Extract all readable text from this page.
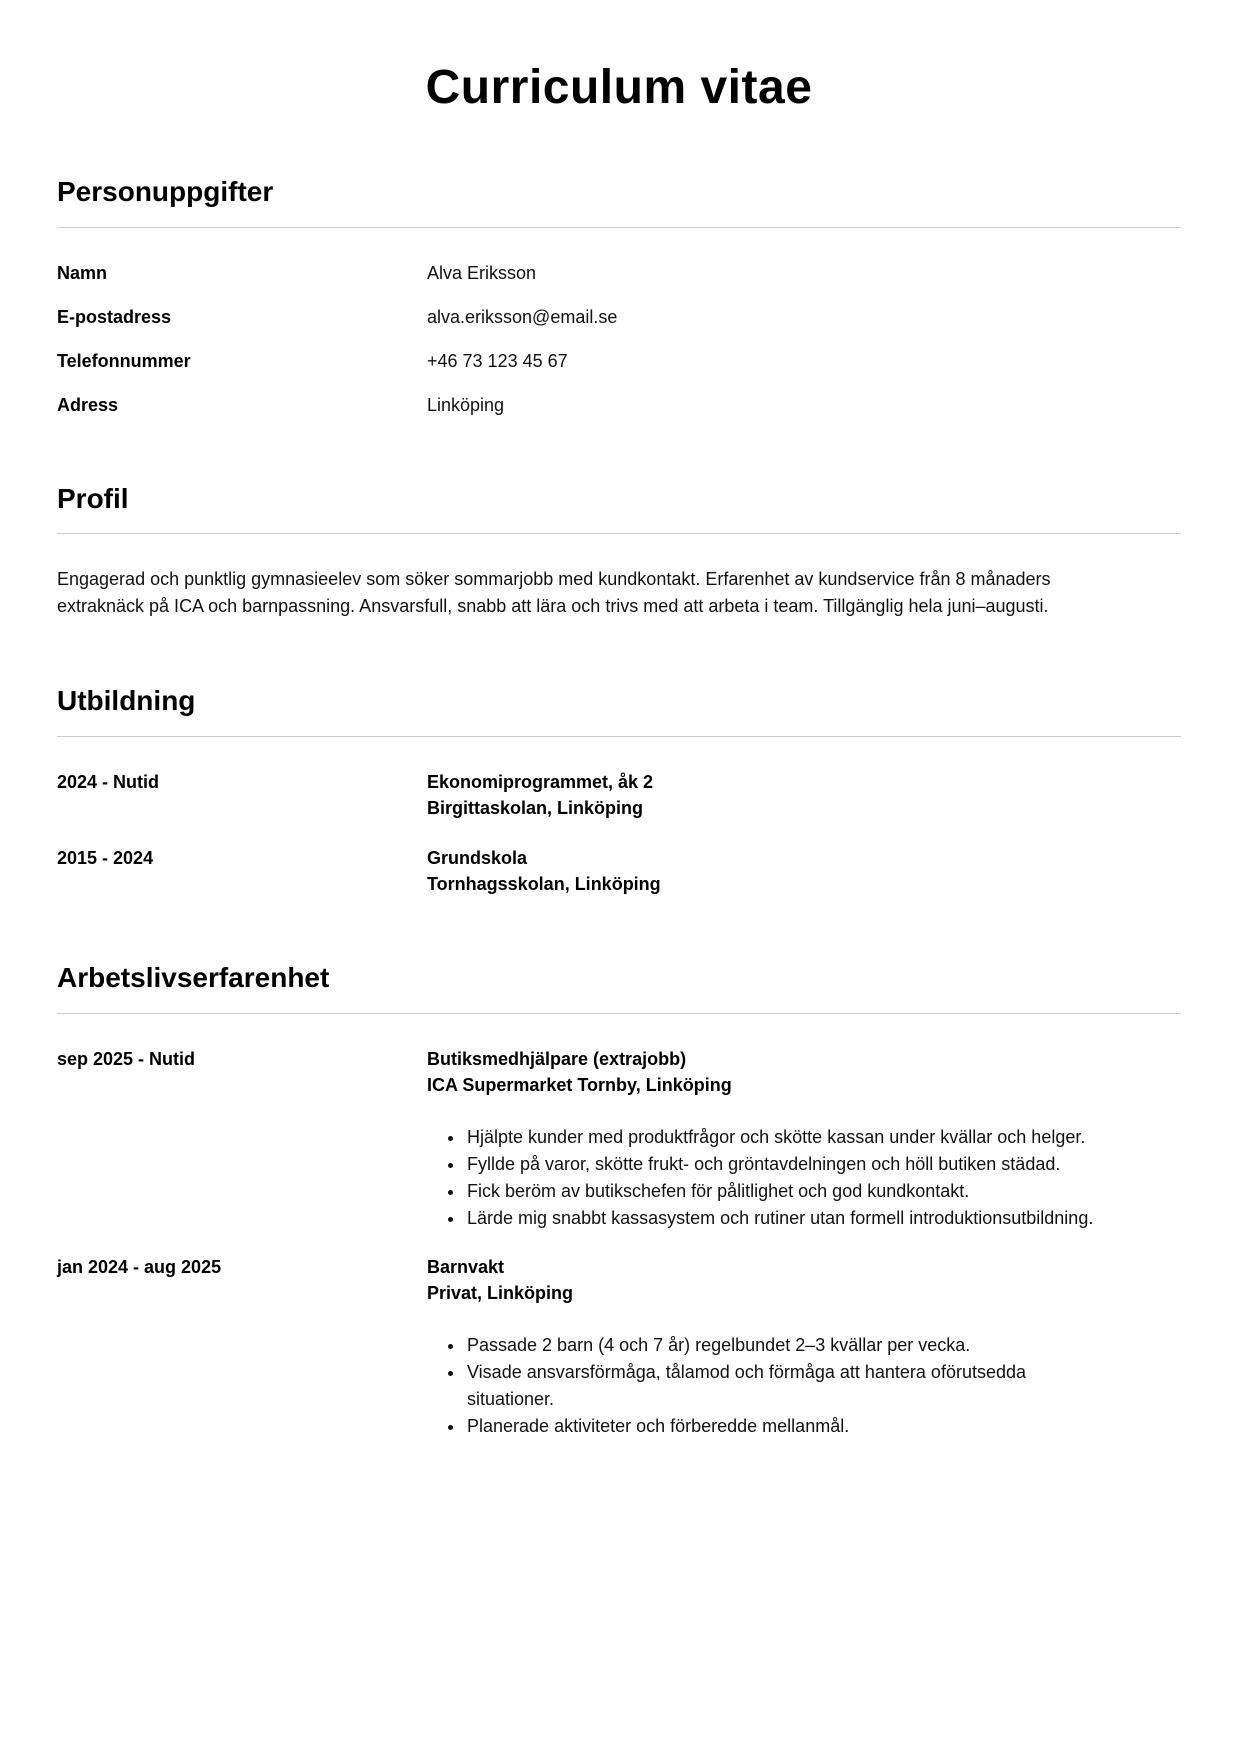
Curriculum vitae
Personuppgifter
Namn	Alva Eriksson
E-postadress	alva.eriksson@email.se
Telefonnummer	+46 73 123 45 67
Adress	Linköping
Profil

Engagerad och punktlig gymnasieelev som söker sommarjobb med kundkontakt. Erfarenhet av kundservice från 8 månaders extraknäck på ICA och barnpassning. Ansvarsfull, snabb att lära och trivs med att arbeta i team. Tillgänglig hela juni–augusti.

Utbildning
2024 - Nutid	Ekonomiprogrammet, åk 2
Birgittaskolan, Linköping
2015 - 2024	Grundskola
Tornhagsskolan, Linköping
Arbetslivserfarenhet
sep 2025 - Nutid	Butiksmedhjälpare (extrajobb)
ICA Supermarket Tornby, Linköping
• Hjälpte kunder med produktfrågor och skötte kassan under kvällar och helger.
• Fyllde på varor, skötte frukt- och gröntavdelningen och höll butiken städad.
• Fick beröm av butikschefen för pålitlighet och god kundkontakt.
• Lärde mig snabbt kassasystem och rutiner utan formell introduktionsutbildning.
jan 2024 - aug 2025	Barnvakt
Privat, Linköping
• Passade 2 barn (4 och 7 år) regelbundet 2–3 kvällar per vecka.
• Visade ansvarsförmåga, tålamod och förmåga att hantera oförutsedda situationer.
• Planerade aktiviteter och förberedde mellanmål.
